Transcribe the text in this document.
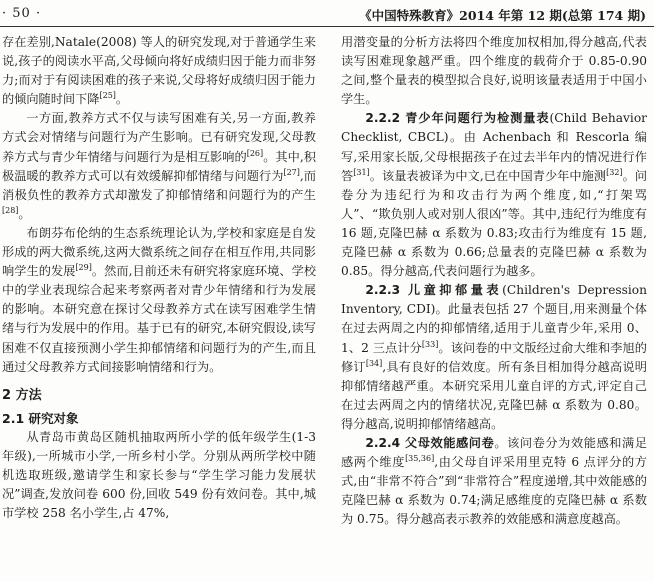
· 50 ·	《中国特殊教育》2014 年第 12 期(总第 174 期)

存在差别,Natale(2008) 等人的研究发现,对于普通学生来说,孩子的阅读水平高,父母倾向将好成绩归因于能力而非努力;而对于有阅读困难的孩子来说,父母将好成绩归因于能力的倾向随时间下降[25]。

一方面,教养方式不仅与读写困难有关,另一方面,教养方式会对情绪与问题行为产生影响。已有研究发现,父母教养方式与青少年情绪与问题行为是相互影响的[26]。其中,积极温暖的教养方式可以有效缓解抑郁情绪与问题行为[27],而消极负性的教养方式却激发了抑郁情绪和问题行为的产生[28]。

布朗芬布伦纳的生态系统理论认为,学校和家庭是自发形成的两大微系统,这两大微系统之间存在相互作用,共同影响学生的发展[29]。然而,目前还未有研究将家庭环境、学校中的学业表现综合起来考察两者对青少年情绪和行为发展的影响。本研究意在探讨父母教养方式在读写困难学生情绪与行为发展中的作用。基于已有的研究,本研究假设,读写困难不仅直接预测小学生抑郁情绪和问题行为的产生,而且通过父母教养方式间接影响情绪和行为。

2 方法
2.1 研究对象

从青岛市黄岛区随机抽取两所小学的低年级学生(1-3 年级),一所城市小学,一所乡村小学。分别从两所学校中随机选取班级,邀请学生和家长参与“学生学习能力发展状况”调查,发放问卷 600 份,回收 549 份有效问卷。其中,城市学校 258 名小学生,占 47%,

用潜变量的分析方法将四个维度加权相加,得分越高,代表读写困难现象越严重。四个维度的载荷介于 0.85-0.90 之间,整个量表的模型拟合良好,说明该量表适用于中国小学生。

2.2.2 青少年问题行为检测量表(Child Behavior Checklist, CBCL)。由 Achenbach 和 Rescorla 编写,采用家长版,父母根据孩子在过去半年内的情况进行作答[31]。该量表被译为中文,已在中国青少年中施测[32]。问卷分为违纪行为和攻击行为两个维度,如,“打架骂人”、“欺负别人或对别人很凶”等。其中,违纪行为维度有 16 题,克隆巴赫 α 系数为 0.83;攻击行为维度有 15 题,克隆巴赫 α 系数为 0.66;总量表的克隆巴赫 α 系数为 0.85。得分越高,代表问题行为越多。

2.2.3 儿童抑郁量表(Children's Depression Inventory, CDI)。此量表包括 27 个题目,用来测量个体在过去两周之内的抑郁情绪,适用于儿童青少年,采用 0、1、2 三点计分[33]。该问卷的中文版经过俞大维和李旭的修订[34],具有良好的信效度。所有条目相加得分越高说明抑郁情绪越严重。本研究采用儿童自评的方式,评定自己在过去两周之内的情绪状况,克隆巴赫 α 系数为 0.80。得分越高,说明抑郁情绪越高。

2.2.4 父母效能感问卷。该问卷分为效能感和满足感两个维度[35,36],由父母自评采用里克特 6 点评分的方式,由“非常不符合”到“非常符合”程度递增,其中效能感的克隆巴赫 α 系数为 0.74;满足感维度的克隆巴赫 α 系数为 0.75。得分越高表示教养的效能感和满意度越高。
